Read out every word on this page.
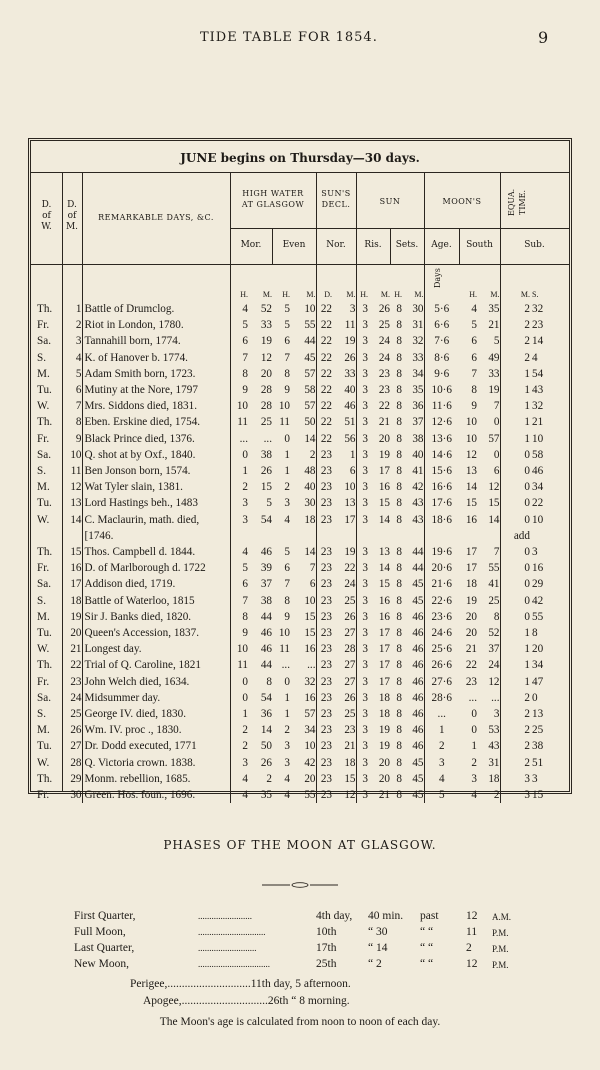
TIDE TABLE FOR 1854.	9
JUNE begins on Thursday—30 days.
D.
of
W.
D.
of
M.
REMARKABLE DAYS, &C.
HIGH WATER
AT GLASGOW
Mor.	Even
SUN'S
DECL.
Nor.
SUN
Ris.	Sets.
MOON'S
Age.	South
EQUA. TIME.
Sub.
Days
			H.	M.	H.	M.	D.	M.	H.	M.	H.	M.		H.	M.	M.	S.
Th.	1	Battle of Drumclog.	4	52	5	10	22	3	3	26	8	30	5·6	4	35	2	32
Fr.	2	Riot in London, 1780.	5	33	5	55	22	11	3	25	8	31	6·6	5	21	2	23
Sa.	3	Tannahill born, 1774.	6	19	6	44	22	19	3	24	8	32	7·6	6	5	2	14
S.	4	K. of Hanover b. 1774.	7	12	7	45	22	26	3	24	8	33	8·6	6	49	2	4
M.	5	Adam Smith born, 1723.	8	20	8	57	22	33	3	23	8	34	9·6	7	33	1	54
Tu.	6	Mutiny at the Nore, 1797	9	28	9	58	22	40	3	23	8	35	10·6	8	19	1	43
W.	7	Mrs. Siddons died, 1831.	10	28	10	57	22	46	3	22	8	36	11·6	9	7	1	32
Th.	8	Eben. Erskine died, 1754.	11	25	11	50	22	51	3	21	8	37	12·6	10	0	1	21
Fr.	9	Black Prince died, 1376.	...	...	0	14	22	56	3	20	8	38	13·6	10	57	1	10
Sa.	10	Q. shot at by Oxf., 1840.	0	38	1	2	23	1	3	19	8	40	14·6	12	0	0	58
S.	11	Ben Jonson born, 1574.	1	26	1	48	23	6	3	17	8	41	15·6	13	6	0	46
M.	12	Wat Tyler slain, 1381.	2	15	2	40	23	10	3	16	8	42	16·6	14	12	0	34
Tu.	13	Lord Hastings beh., 1483	3	5	3	30	23	13	3	15	8	43	17·6	15	15	0	22
W.	14	C. Maclaurin, math. died,	3	54	4	18	23	17	3	14	8	43	18·6	16	14	0	10
		[1746.														add	
Th.	15	Thos. Campbell d. 1844.	4	46	5	14	23	19	3	13	8	44	19·6	17	7	0	3
Fr.	16	D. of Marlborough d. 1722	5	39	6	7	23	22	3	14	8	44	20·6	17	55	0	16
Sa.	17	Addison died, 1719.	6	37	7	6	23	24	3	15	8	45	21·6	18	41	0	29
S.	18	Battle of Waterloo, 1815	7	38	8	10	23	25	3	16	8	45	22·6	19	25	0	42
M.	19	Sir J. Banks died, 1820.	8	44	9	15	23	26	3	16	8	46	23·6	20	8	0	55
Tu.	20	Queen's Accession, 1837.	9	46	10	15	23	27	3	17	8	46	24·6	20	52	1	8
W.	21	Longest day.	10	46	11	16	23	28	3	17	8	46	25·6	21	37	1	20
Th.	22	Trial of Q. Caroline, 1821	11	44	...	...	23	27	3	17	8	46	26·6	22	24	1	34
Fr.	23	John Welch died, 1634.	0	8	0	32	23	27	3	17	8	46	27·6	23	12	1	47
Sa.	24	Midsummer day.	0	54	1	16	23	26	3	18	8	46	28·6	...	...	2	0
S.	25	George IV. died, 1830.	1	36	1	57	23	25	3	18	8	46	...	0	3	2	13
M.	26	Wm. IV. proc ., 1830.	2	14	2	34	23	23	3	19	8	46	1	0	53	2	25
Tu.	27	Dr. Dodd executed, 1771	2	50	3	10	23	21	3	19	8	46	2	1	43	2	38
W.	28	Q. Victoria crown. 1838.	3	26	3	42	23	18	3	20	8	45	3	2	31	2	51
Th.	29	Monm. rebellion, 1685.	4	2	4	20	23	15	3	20	8	45	4	3	18	3	3
Fr.	30	Green. Hos. foun., 1696.	4	35	4	55	23	12	3	21	8	45	5	4	2	3	15
PHASES OF THE MOON AT GLASGOW.
First Quarter,	........................	4th day, 40 min. past 12 A.M.
Full Moon,	..............................	10th	“ 30	“ “	11 P.M.
Last Quarter,	..........................	17th	“ 14	“ “	2 P.M.
New Moon,	................................	25th	“ 2	“ “	12 P.M.
Perigee,.............................11th day, 5 afternoon.
Apogee,..............................26th “ 8 morning.
The Moon's age is calculated from noon to noon of each day.
